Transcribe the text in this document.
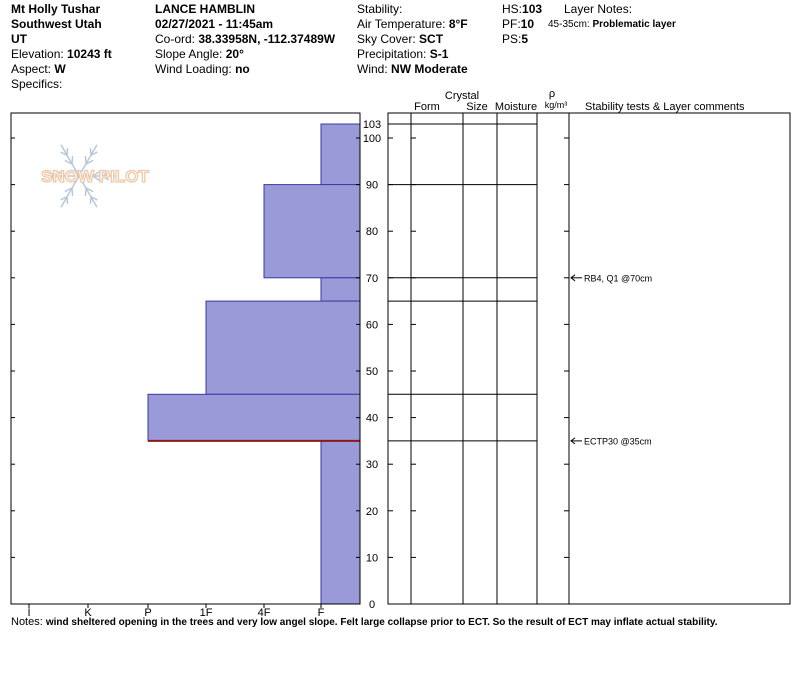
Mt Holly Tushar
Southwest Utah
UT
Elevation: 10243 ft
Aspect: W
Specifics:
LANCE HAMBLIN
02/27/2021 - 11:45am
Co-ord: 38.33958N, -112.37489W
Slope Angle: 20°
Wind Loading: no
Stability:
Air Temperature: 8°F
Sky Cover: SCT
Precipitation: S-1
Wind: NW Moderate
HS:103
PF:10
PS:5
Layer Notes:
45-35cm: Problematic layer
SNOW PILOT
I	K	P	1F	4F	F
0
10
20
30
40
50
60
70
80
90
100
103
RB4, Q1 @70cm
ECTP30 @35cm
Form
Crystal
Size Moisture
ρ
kg/m³ Stability tests & Layer comments
Notes: wind sheltered opening in the trees and very low angel slope. Felt large collapse prior to ECT. So the result of ECT may inflate actual stability.
